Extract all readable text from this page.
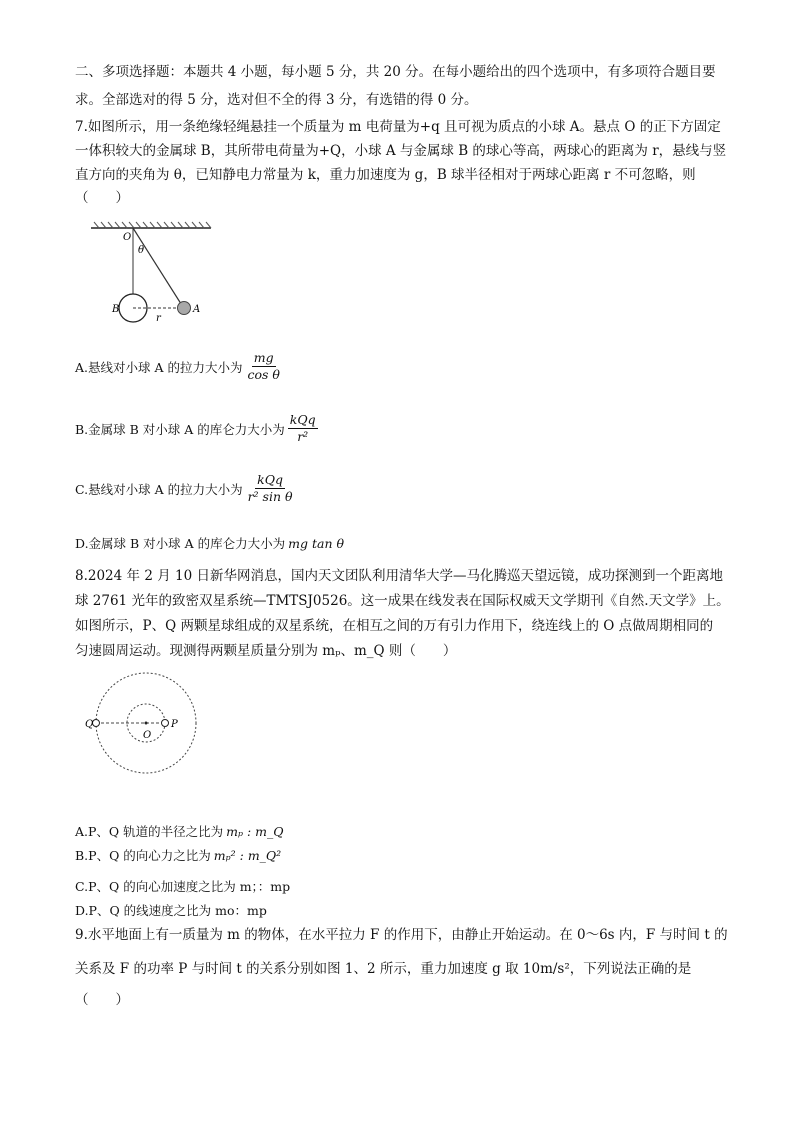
二、多项选择题：本题共 4 小题，每小题 5 分，共 20 分。在每小题给出的四个选项中，有多项符合题目要
求。全部选对的得 5 分，选对但不全的得 3 分，有选错的得 0 分。
7.如图所示，用一条绝缘轻绳悬挂一个质量为 m 电荷量为+q 且可视为质点的小球 A。悬点 O 的正下方固定
一体积较大的金属球 B，其所带电荷量为+Q，小球 A 与金属球 B 的球心等高，两球心的距离为 r，悬线与竖
直方向的夹角为 θ，已知静电力常量为 k，重力加速度为 g，B 球半径相对于两球心距离 r 不可忽略，则
（　　）
O
θ
B	A
r
A.悬线对小球 A 的拉力大小为 $\frac{mg}{\text{cos θ}}$
B.金属球 B 对小球 A 的库仑力大小为 $\frac{\text{kQq}}{\text{r²}}$
C.悬线对小球 A 的拉力大小为 $\frac{\text{kQq}}{\text{r² sin θ}}$
D.金属球 B 对小球 A 的库仑力大小为 mg tan θ
8.2024 年 2 月 10 日新华网消息，国内天文团队利用清华大学—马化腾巡天望远镜，成功探测到一个距离地
球 2761 光年的致密双星系统—TMTSJ0526。这一成果在线发表在国际权威天文学期刊《自然.天文学》上。
如图所示，P、Q 两颗星球组成的双星系统，在相互之间的万有引力作用下，绕连线上的 O 点做周期相同的
匀速圆周运动。现测得两颗星质量分别为 mₚ、m_Q 则（　　）
Q
O
P
A.P、Q 轨道的半径之比为 mₚ : m_Q
B.P、Q 的向心力之比为 mₚ² : m_Q²
C.P、Q 的向心加速度之比为 m；：mp
D.P、Q 的线速度之比为 mo：mp
9.水平地面上有一质量为 m 的物体，在水平拉力 F 的作用下，由静止开始运动。在 0～6s 内，F 与时间 t 的
关系及 F 的功率 P 与时间 t 的关系分别如图 1、2 所示，重力加速度 g 取 10m/s²，下列说法正确的是
（　　）
